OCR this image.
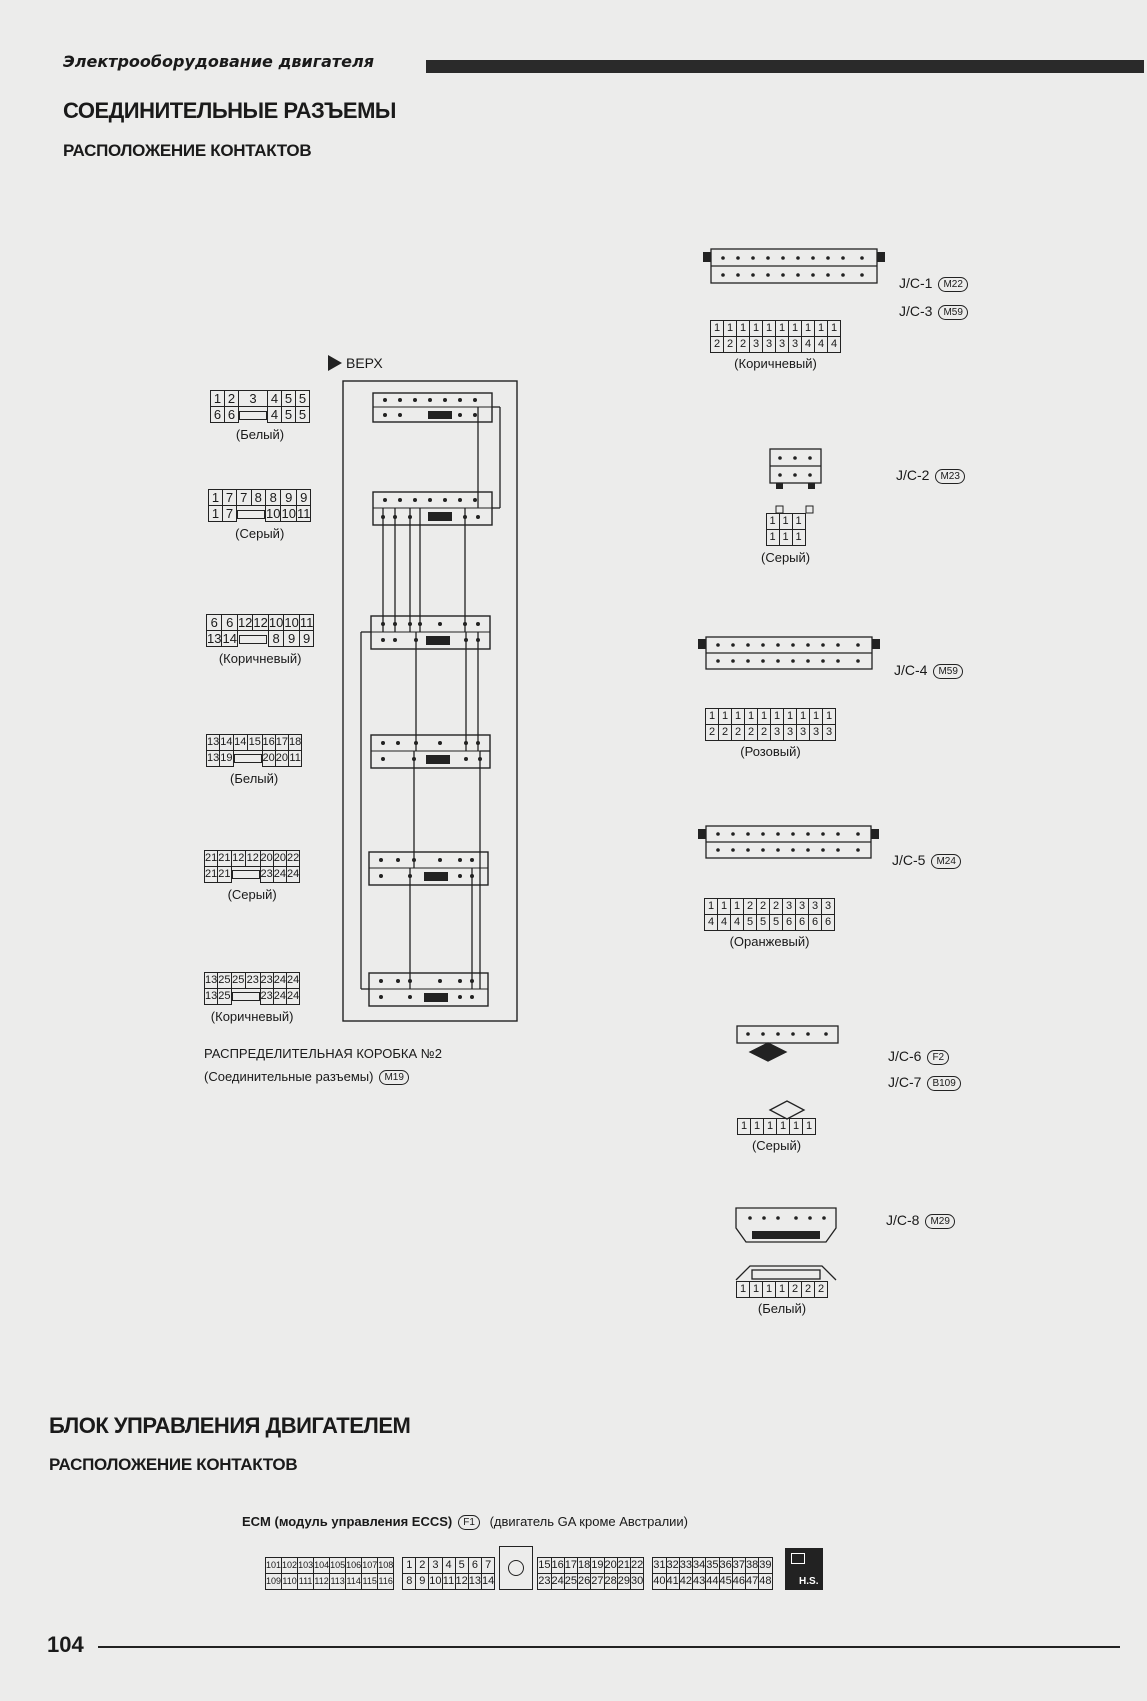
Электрооборудование двигателя
СОЕДИНИТЕЛЬНЫЕ РАЗЪЕМЫ
РАСПОЛОЖЕНИЕ КОНТАКТОВ
ВЕРХ
1	2	3	4	5	5
6	6		4	5	5
(Белый)
1	7	7	8	8	9	9
1	7			10	10	11
(Серый)
6	6	12	12	10	10	11
13	14			8	9	9
(Коричневый)
13	14	14	15	16	17	18
13	19			20	20	11
(Белый)
21	21	12	12	20	20	22
21	21			23	24	24
(Серый)
13	25	25	23	23	24	24
13	25			23	24	24
(Коричневый)
РАСПРЕДЕЛИТЕЛЬНАЯ КОРОБКА №2
(Соединительные разъемы) M19
J/C-1 M22
J/C-3 M59
1	1	1	1	1	1	1	1	1	1
2	2	2	3	3	3	3	4	4	4
(Коричневый)
J/C-2 M23
1	1	1
1	1	1
(Серый)
J/C-4 M59
1	1	1	1	1	1	1	1	1	1
2	2	2	2	2	3	3	3	3	3
(Розовый)
J/C-5 M24
1	1	1	2	2	2	3	3	3	3
4	4	4	5	5	5	6	6	6	6
(Оранжевый)
J/C-6 F2
J/C-7 B109
1	1	1	1	1	1
(Серый)
J/C-8 M29
1	1	1	1	2	2	2
(Белый)
БЛОК УПРАВЛЕНИЯ ДВИГАТЕЛЕМ
РАСПОЛОЖЕНИЕ КОНТАКТОВ
ECM (модуль управления ECCS) F1 (двигатель GA кроме Австралии)
101	102	103	104	105	106	107	108
109	110	111	112	113	114	115	116
1	2	3	4	5	6	7
8	9	10	11	12	13	14
15	16	17	18	19	20	21	22
23	24	25	26	27	28	29	30
31	32	33	34	35	36	37	38	39
40	41	42	43	44	45	46	47	48	H.S.
104
